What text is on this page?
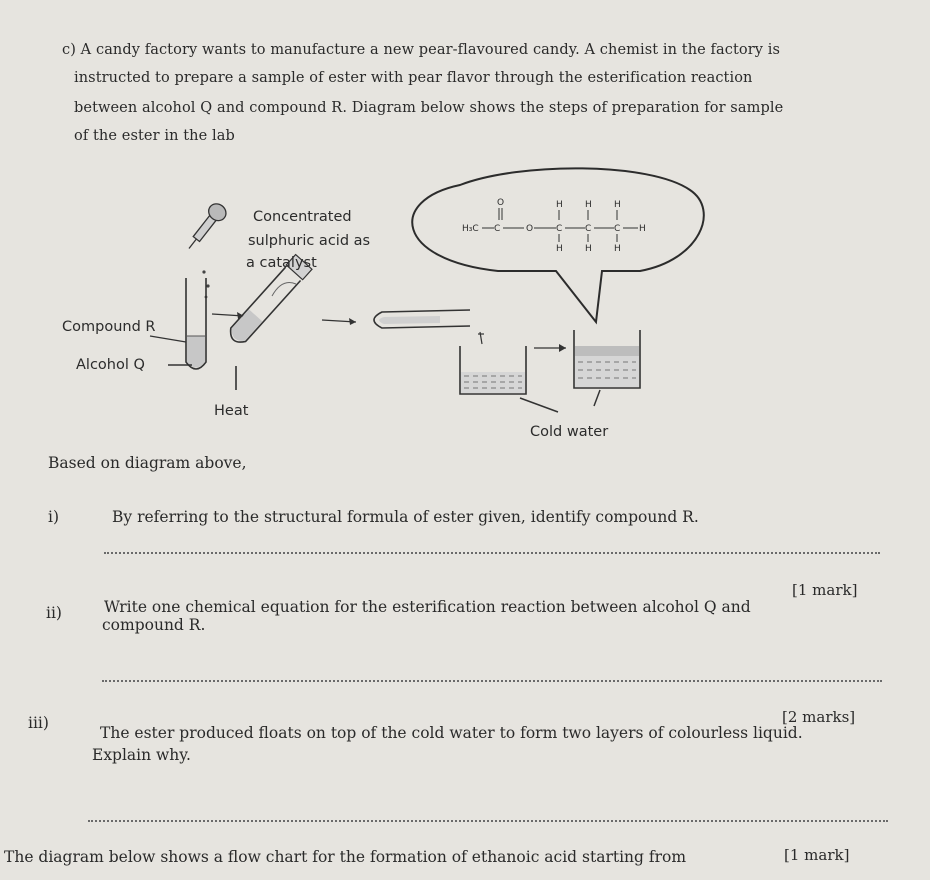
c) A candy factory wants to manufacture a new pear-flavoured candy. A chemist in the factory is
instructed to prepare a sample of ester with pear flavor through the esterification reaction
between alcohol Q and compound R. Diagram below shows the steps of preparation for sample
of the ester in the lab
H₃C C
O
O	C
H
H
C
H
H
C
H
H
H
Concentrated
sulphuric acid as
a catalyst
Compound R
Alcohol Q
Heat
Cold water
Based on diagram above,
i)	By referring to the structural formula of ester given, identify compound R.
[1 mark]
ii)	Write one chemical equation for the esterification reaction between alcohol Q and
compound R.
[2 marks]
iii)
The ester produced floats on top of the cold water to form two layers of colourless liquid.
Explain why.
The diagram below shows a flow chart for the formation of ethanoic acid starting from	[1 mark]
